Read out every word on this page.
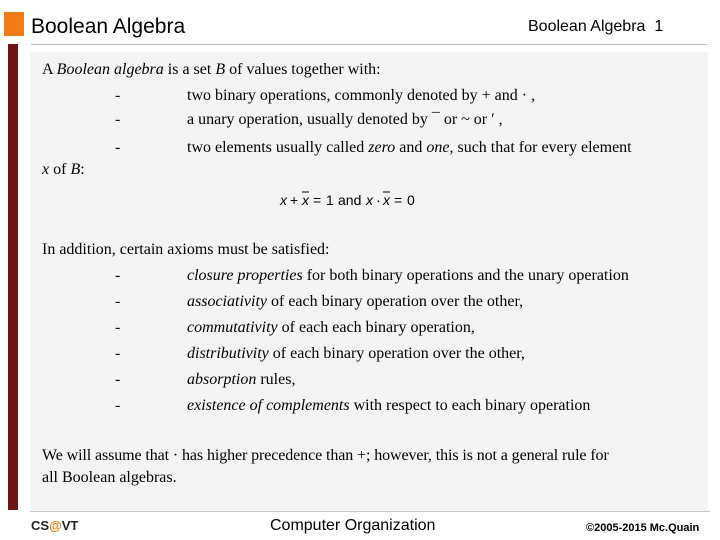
Boolean Algebra	Boolean Algebra  1
A Boolean algebra is a set B of values together with:
-	two binary operations, commonly denoted by + and · ,
-	a unary operation, usually denoted by ¯ or ~ or ′ ,
-	two elements usually called zero and one, such that for every element
x of B:
x + x = 1 and x · x = 0
In addition, certain axioms must be satisfied:
-	closure properties for both binary operations and the unary operation
-	associativity of each binary operation over the other,
-	commutativity of each each binary operation,
-	distributivity of each binary operation over the other,
-	absorption rules,
-	existence of complements with respect to each binary operation
We will assume that · has higher precedence than +; however, this is not a general rule for
all Boolean algebras.
CS@VT	Computer Organization	©2005-2015 Mc.Quain
